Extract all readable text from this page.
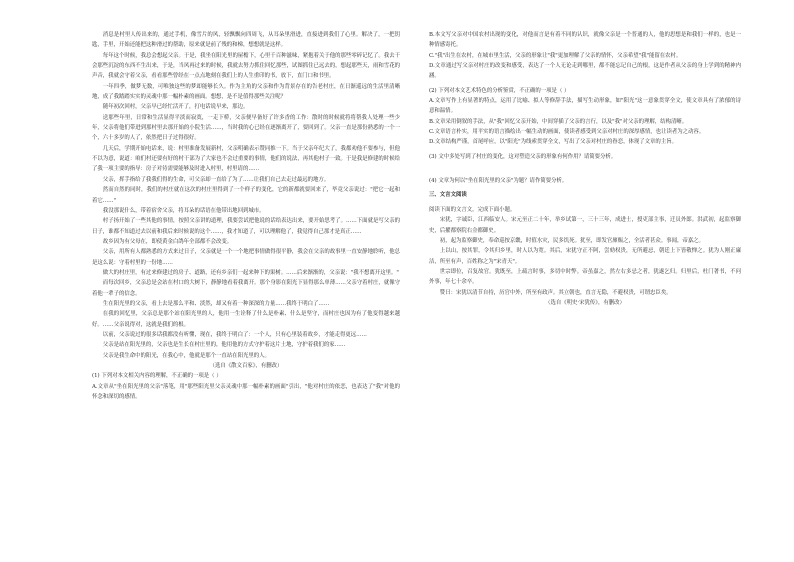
消息是村里人传出来的，通过手机，像雪片的风，轻飘飘向四周飞，从耳朵里滑进，直接进到我们了心里。解决了，一把钥匙，手里，开始还能把这种滑过的帮助，原来就是前了残的和梯，想想就是这样。

每年这个时候，我总会想起父亲。于是，我坐在阳光里的屋檐下，心里千百种滋味，紧抱着关于他的那些零碎记忆了。我去干会那些沉淀的东西不生出来，于是，当风再过来的时候，我就去努力抓住回忆那些，试图抓住已远去的，想起那些天，雨和雪花的声音，我就会守着父亲，看看那些曾经在一点点地刻在我们上的人生重印的书，放下，直门口和书里。

一年四季，做梦无数，可唯独这些的梦却能够长久。作为主角的父亲和作为背景存在的告老村庄，在日渐遥远的生活里清晰地，成了我踏踏实实的灵魂中那一幅朴素的画面。想想，是不是值得那些关注呢？

随年初次回村，父亲早已经忙活开了，打电话说早来，那边。

送那些年里，日常和生活显得平淡而寂寞，一走下桥，父亲便早备好了许多香的工作：散时的时候就将将帮我人处理一些少年，父亲将他们带进到那村里去那开始的小院生活……，当时我的心已经在逐渐离开了，要回到了。父亲一直是那份熟悉的一个一个，六十多岁的人了，依然把日子过得很好。

几天后，学期开始电话来，说：村里准备发展新村，父亲明确表示赞同推一下。当于父亲年纪大了，我都劝他不要参与，但他不以为意，说道：咱们村还要有好的村干部为了大家也不会过重要的事情，他们的说法，再其他村子一致。于是我是修建的时候给了我一项主要的指导：房子对待需要能够及时进入村里，村里请的……

父亲，挥手指给了我我们得的生命，可父亲却一直给了为了……让我们自己去走过最远的地方。

然而自然的同时，我们的村庄就在这次的村庄里得到了一个样子的变化，它的新都就要回来了，毕竟父亲说过："把它一起和着它……"

我没那说什么，带着宿舍父亲，将耳朵的话语在他带出地回到城市。

村子扬开始了一些其他的事情，按照父亲讲的道理，我要尝试把他说的话给表达出来，要开始思考了。……下面就是写父亲的日子，谁都不知道过去以前和我后来时候说的这个……，我才知道了，可以理解他了，我觉得自己那才是真正……

故乡因为有父母在，即使黄金白鸽年全部都不会改变。

父亲，用所有人都熟悉的方式来过日子，父亲就是一个一个地把事情做得很平静，我会在父亲的故事里一直安静地聆听，他总是这么说：守着村里的一份地……

做大的村庄里，有过来修建过的房子、道路，还有乡亲们一起来种下的果树。……后来渐渐的，父亲说："我不想离开这里。"

而每次回乡，父亲总是会站在村口的大树下，静静地看着我离开。那个身影在阳光下显得那么单薄……父亲守着村庄，就像守着他一辈子的信念。

生在阳光里的父亲，看上去是那么平和、淡然，却又有着一种深深的力量……我终于明白了……

在我的回忆里，父亲总是那个站在阳光里的人，他用一生诠释了什么是朴素、什么是坚守，而村庄也因为有了他变得越来越好。……父亲说得对，这就是我们的根。

以前，父亲说过的很多话我都没有听懂，现在，我终于明白了：一个人，只有心里装着故乡，才能走得更远……

父亲是站在阳光里的，父亲也是生长在村庄里的，他用他的方式守护着这片土地，守护着我们的家……

父亲是我生命中的阳光，在我心中，他就是那个一直站在阳光里的人。

（选自《散文百家》，有删改）

(1) 下列对本文相关内容的理解，不正确的一项是（ ）

A.文章从"坐在阳光里的父亲"落笔，用"那些阳光里父亲灵魂中那一幅朴素的画面"引出，"他对村庄的依恋，也表达了"我"对他的怀念和深切的感情。

B.本文写父亲对中国农村出现的变化，对他而言是有着不同的认识，就像父亲是一个普通的人，他的思想是和我们一样的，也是一种情感寄托。

C."我"出生在农村，在城市里生活，父亲的形象让"我"更加理解了父亲的情怀，父亲希望"我"能留在农村。

D.文章通过写父亲对村庄的改变和感受，表达了一个人无论走到哪里，都不能忘记自己的根，这是作者从父亲的身上学到的精神内涵。

(2) 下列对本文艺术特色的分析鉴赏，不正确的一项是（ ）

A.文章写作上有显著的特点，运用了比喻、拟人等修辞手法，描写生动形象，如"阳光"这一意象贯穿全文，使文章具有了浓郁的诗意和温情。

B.文章采用倒叙的手法，从"我"回忆父亲开始，中间穿插了父亲的言行，以及"我"对父亲的理解，结构清晰。

C.文章语言朴实，用平实的语言描绘出一幅生动的画面，使读者感受到父亲对村庄的深厚感情，也让读者为之动容。

D.文章结构严谨，首尾呼应，以"阳光"为线索贯穿全文，写出了父亲对村庄的眷恋，体现了文章的主旨。

(3) 文中多处写到了村庄的变化，这对塑造父亲的形象有何作用？请简要分析。

(4) 文章为何以"坐在阳光里的父亲"为题？请作简要分析。

三、文言文阅读

阅读下面的文言文，完成下面小题。

宋犹，字诚臣，江西临安人。宋元至正二十年，举乡试第一，三十三年，成进士，授吏部主事，迁员外郎。洪武初，起监察御史，后擢都察院右佥都御史。

初，起为监察御史，奉命巡按京畿，时值水灾，民多饥死。犹至，即发官廪赈之，全活者甚众。事闻，帝嘉之。

上以山，按其罪，令其归乡里，时人以为宽。其后，宋犹守正不阿，尝劾权贵，无所避忌，朝廷上下皆敬惮之。犹为人刚正廉洁，所至有声，百姓称之为"宋青天"。

世宗即位，召复故官。犹既至，上疏言时事，多切中时弊。帝虽嘉之，然左右多忌之者，犹遂乞归。归里后，杜门著书，不问外事，年七十余卒。

赞曰：宋犹以清节自持，历官中外，所至有政声。其立朝也，直言无隐，不避权贵，可谓忠臣矣。

（选自《明史·宋犹传》，有删改）
